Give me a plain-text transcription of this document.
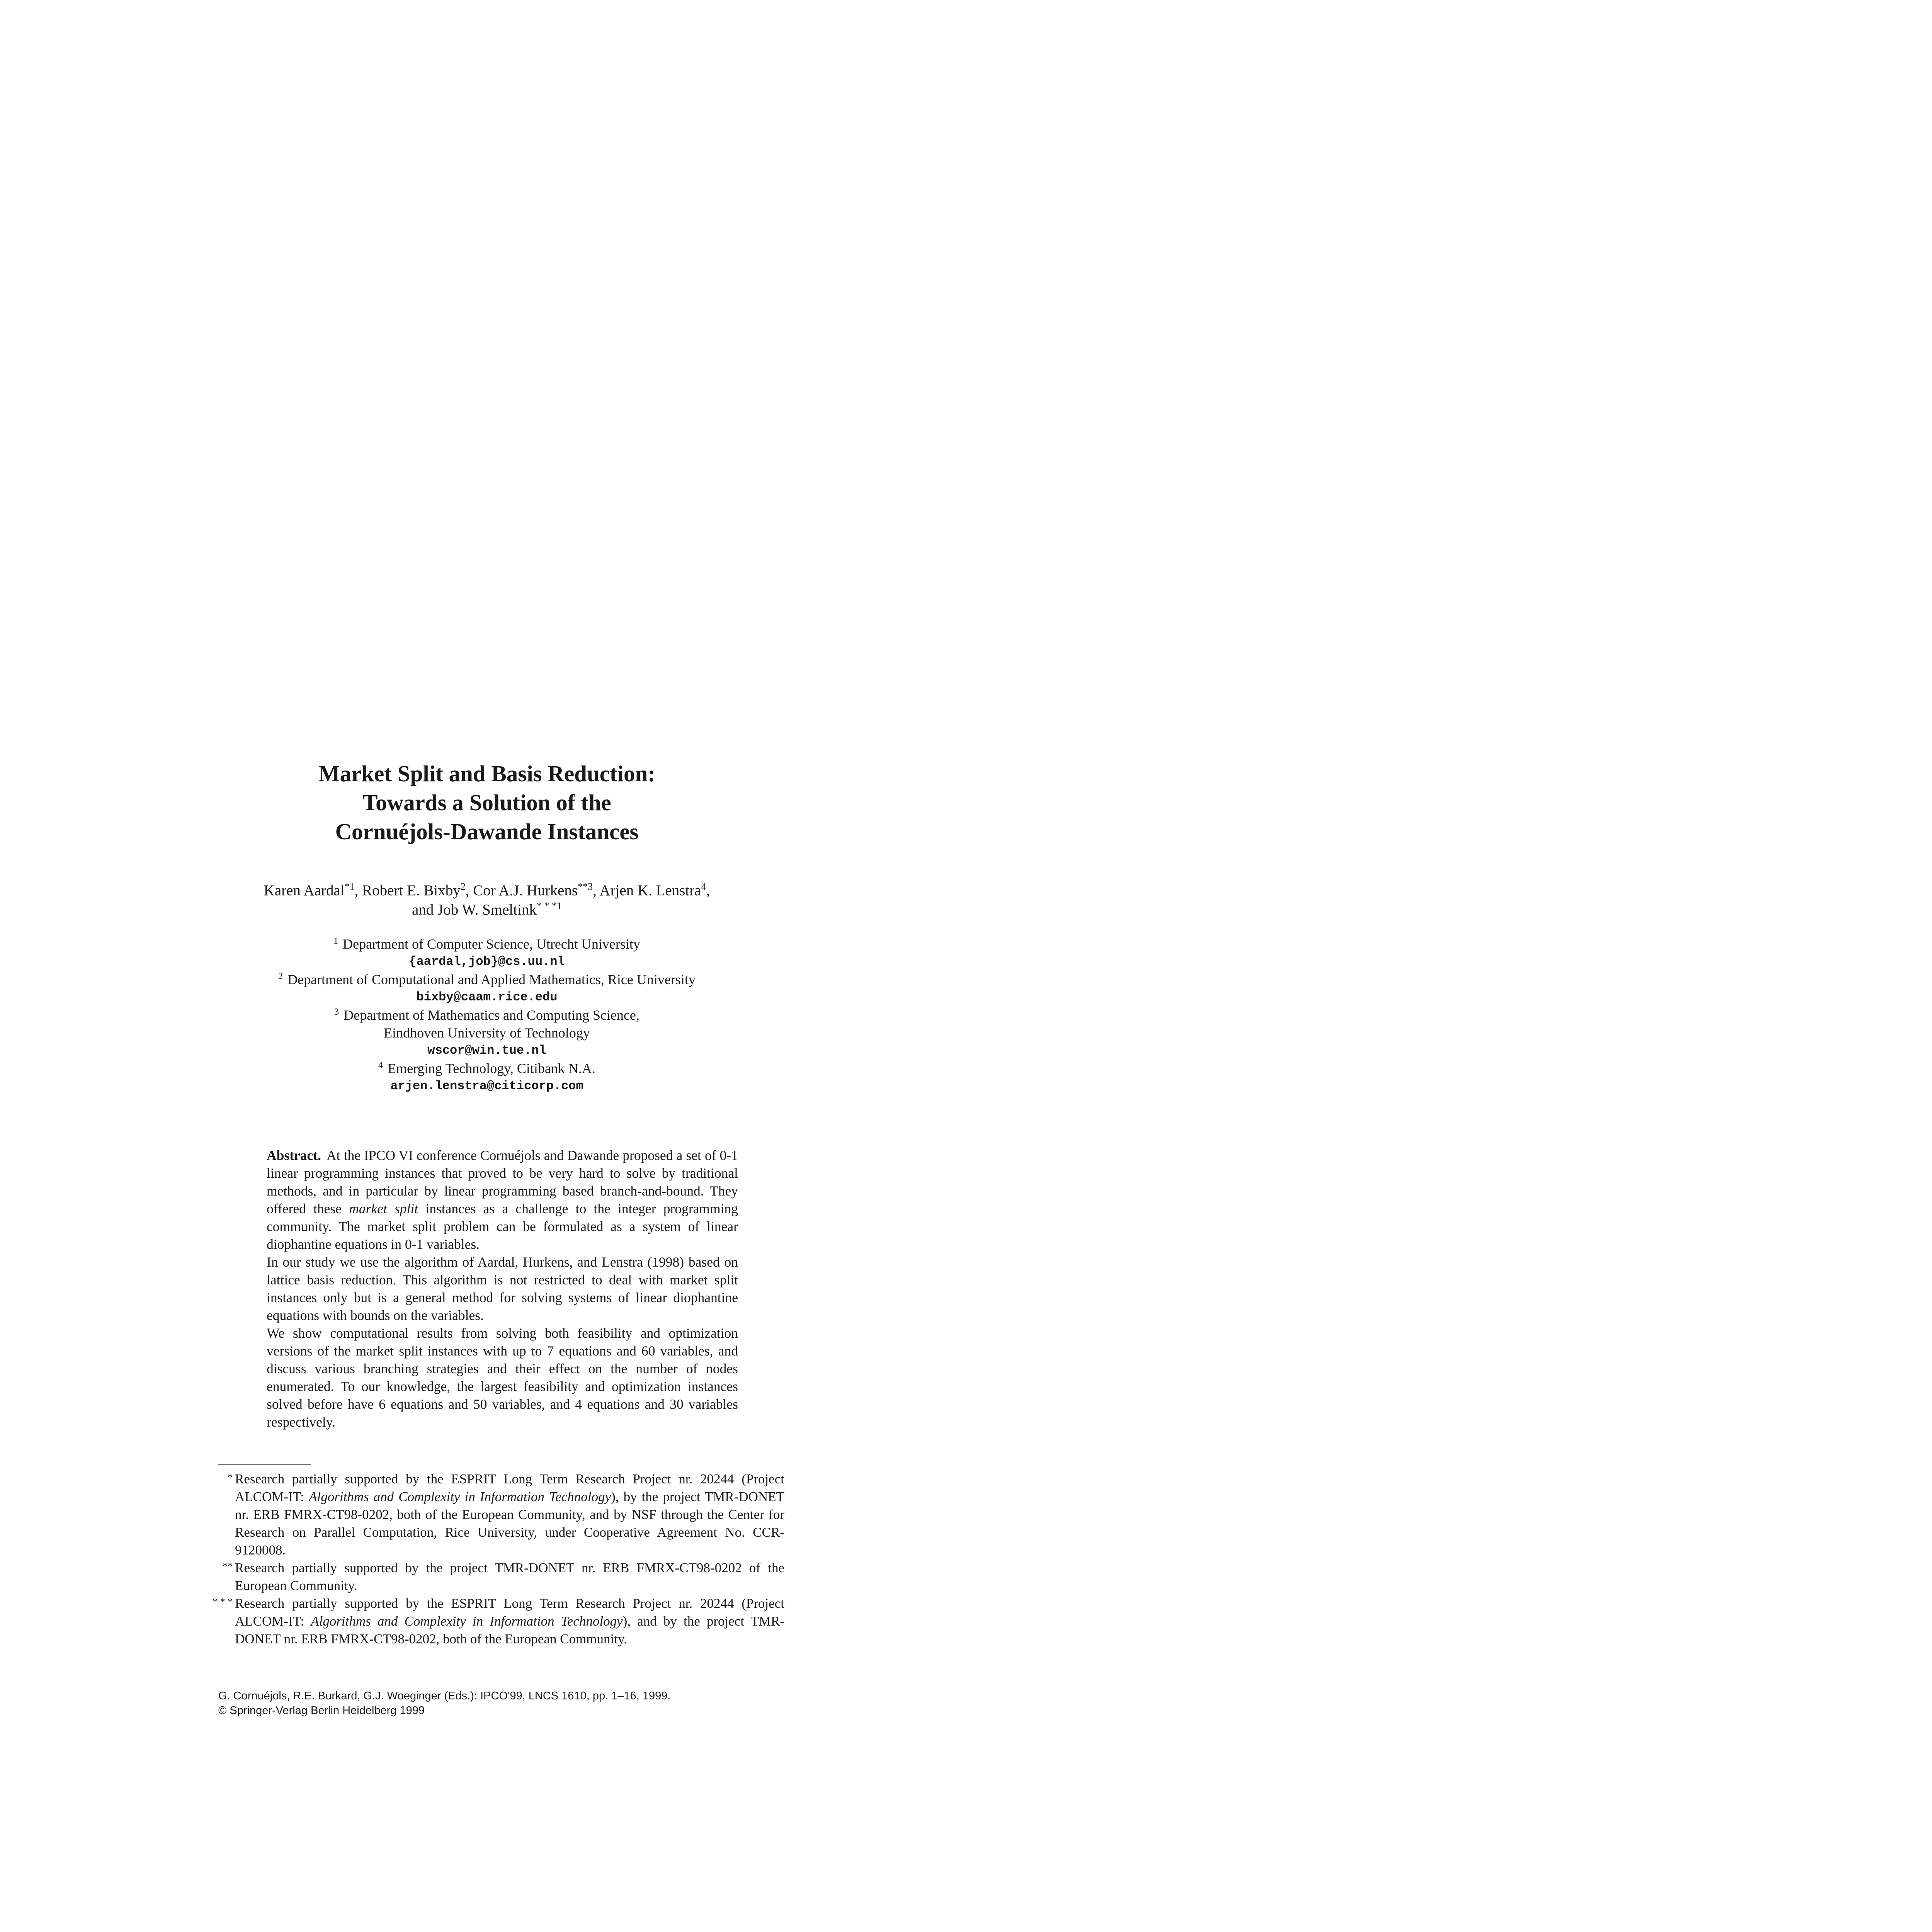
Market Split and Basis Reduction:
Towards a Solution of the
Cornuéjols-Dawande Instances
Karen Aardal$^{*1}$, Robert E. Bixby$^2$, Cor A.J. Hurkens$^{**3}$, Arjen K. Lenstra$^4$,
and Job W. Smeltink$^{* * *1}$
$^1$ Department of Computer Science, Utrecht University
{aardal,job}@cs.uu.nl
$^2$ Department of Computational and Applied Mathematics, Rice University
bixby@caam.rice.edu
$^3$ Department of Mathematics and Computing Science,
Eindhoven University of Technology
wscor@win.tue.nl
$^4$ Emerging Technology, Citibank N.A.
arjen.lenstra@citicorp.com

Abstract. At the IPCO VI conference Cornuéjols and Dawande proposed a set of 0-1 linear programming instances that proved to be very hard to solve by traditional methods, and in particular by linear programming based branch-and-bound. They offered these market split instances as a challenge to the integer programming community. The market split problem can be formulated as a system of linear diophantine equations in 0-1 variables.

In our study we use the algorithm of Aardal, Hurkens, and Lenstra (1998) based on lattice basis reduction. This algorithm is not restricted to deal with market split instances only but is a general method for solving systems of linear diophantine equations with bounds on the variables.

We show computational results from solving both feasibility and optimization versions of the market split instances with up to 7 equations and 60 variables, and discuss various branching strategies and their effect on the number of nodes enumerated. To our knowledge, the largest feasibility and optimization instances solved before have 6 equations and 50 variables, and 4 equations and 30 variables respectively.

* Research partially supported by the ESPRIT Long Term Research Project nr. 20244 (Project ALCOM-IT: Algorithms and Complexity in Information Technology), by the project TMR-DONET nr. ERB FMRX-CT98-0202, both of the European Community, and by NSF through the Center for Research on Parallel Computation, Rice University, under Cooperative Agreement No. CCR-9120008.

** Research partially supported by the project TMR-DONET nr. ERB FMRX-CT98-0202 of the European Community.

* * * Research partially supported by the ESPRIT Long Term Research Project nr. 20244 (Project ALCOM-IT: Algorithms and Complexity in Information Technology), and by the project TMR-DONET nr. ERB FMRX-CT98-0202, both of the European Community.

G. Cornuéjols, R.E. Burkard, G.J. Woeginger (Eds.): IPCO'99, LNCS 1610, pp. 1–16, 1999.
© Springer-Verlag Berlin Heidelberg 1999
